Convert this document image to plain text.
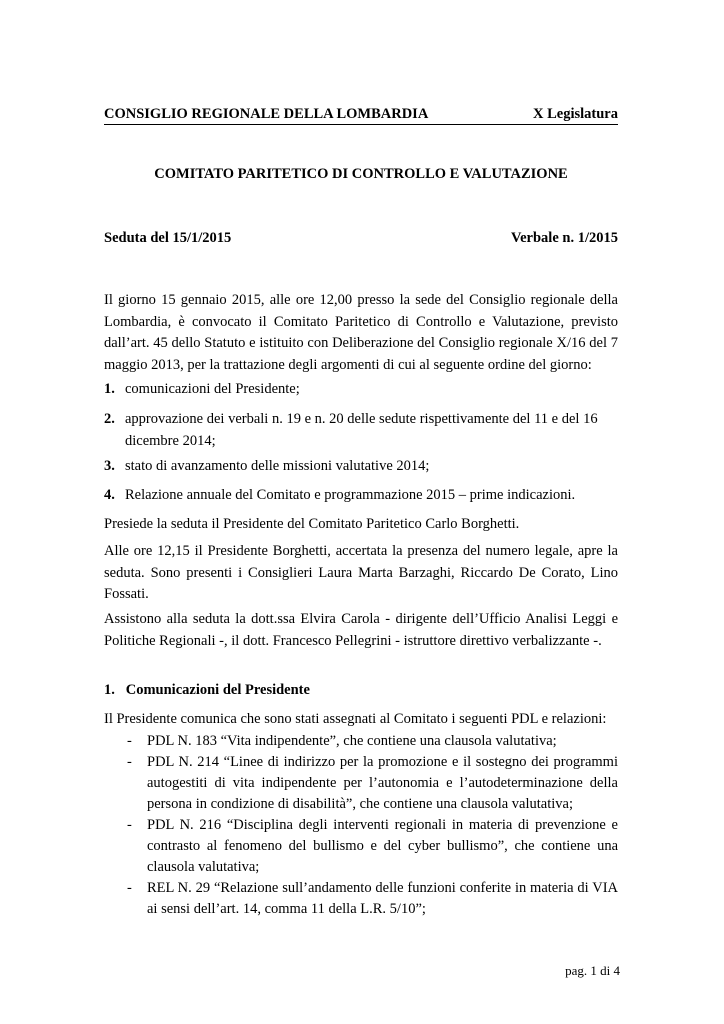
CONSIGLIO REGIONALE DELLA LOMBARDIA	X Legislatura
COMITATO PARITETICO DI CONTROLLO E VALUTAZIONE
Seduta del 15/1/2015	Verbale n. 1/2015

Il giorno 15 gennaio 2015, alle ore 12,00 presso la sede del Consiglio regionale della Lombardia, è convocato il Comitato Paritetico di Controllo e Valutazione, previsto dall’art. 45 dello Statuto e istituito con Deliberazione del Consiglio regionale X/16 del 7 maggio 2013, per la trattazione degli argomenti di cui al seguente ordine del giorno:

1. comunicazioni del Presidente;
2. approvazione dei verbali n. 19 e n. 20 delle sedute rispettivamente del 11 e del 16 dicembre 2014;
3. stato di avanzamento delle missioni valutative 2014;
4. Relazione annuale del Comitato e programmazione 2015 – prime indicazioni.

Presiede la seduta il Presidente del Comitato Paritetico Carlo Borghetti.

Alle ore 12,15 il Presidente Borghetti, accertata la presenza del numero legale, apre la seduta. Sono presenti i Consiglieri Laura Marta Barzaghi, Riccardo De Corato, Lino Fossati.

Assistono alla seduta la dott.ssa Elvira Carola - dirigente dell’Ufficio Analisi Leggi e Politiche Regionali -, il dott. Francesco Pellegrini - istruttore direttivo verbalizzante -.

1.   Comunicazioni del Presidente

Il Presidente comunica che sono stati assegnati al Comitato i seguenti PDL e relazioni:

- PDL N. 183 “Vita indipendente”, che contiene una clausola valutativa;
- PDL N. 214 “Linee di indirizzo per la promozione e il sostegno dei programmi autogestiti di vita indipendente per l’autonomia e l’autodeterminazione della persona in condizione di disabilità”, che contiene una clausola valutativa;
- PDL N. 216 “Disciplina degli interventi regionali in materia di prevenzione e contrasto al fenomeno del bullismo e del cyber bullismo”, che contiene una clausola valutativa;
- REL N. 29 “Relazione sull’andamento delle funzioni conferite in materia di VIA ai sensi dell’art. 14, comma 11 della L.R. 5/10”;
pag. 1 di 4
